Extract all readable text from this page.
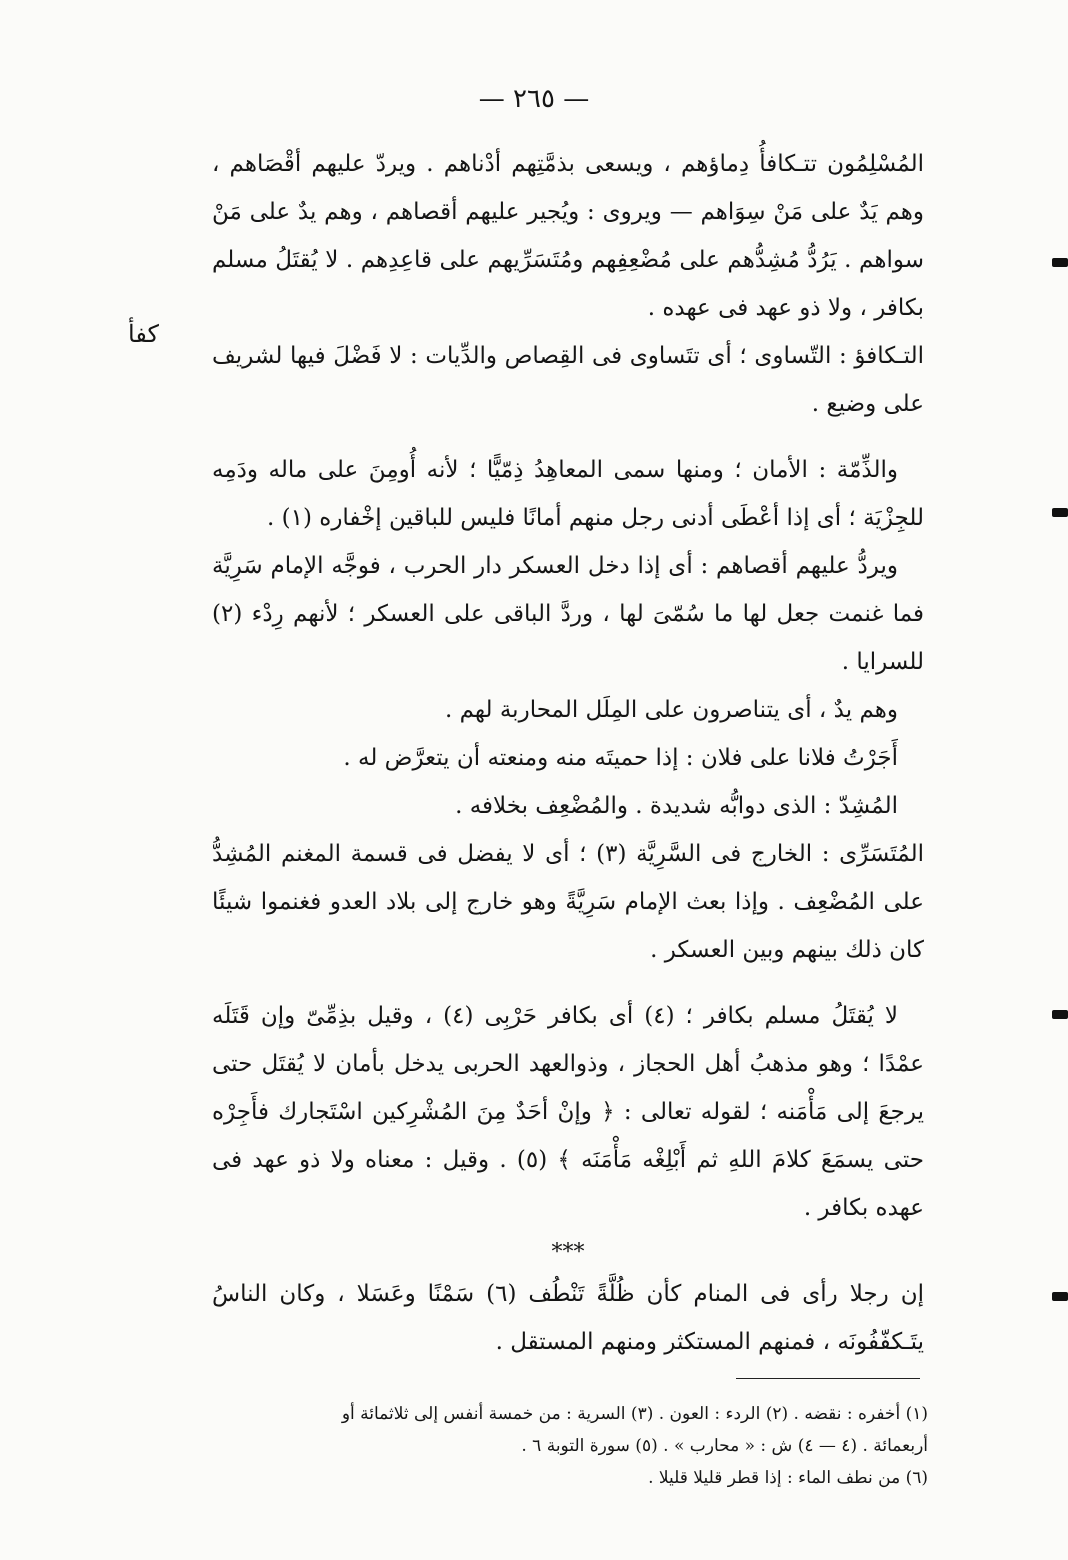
— ٢٦٥ —
كفأ

المُسْلِمُون تتـكافأُ دِماؤهم ، ويسعى بذمَّتِهم أدْناهم . ويردّ عليهم أقْصَاهم ، وهم يَدٌ على مَنْ سِوَاهم — ويروى : ويُجير عليهم أقصاهم ، وهم يدٌ على مَنْ سواهم . يَرُدُّ مُشِدُّهم على مُضْعِفِهم ومُتَسَرِّيهم على قاعِدِهم . لا يُقتَلُ مسلم بكافر ، ولا ذو عهد فى عهده .

التـكافؤ : التّساوى ؛ أى تتَساوى فى القِصاص والدِّيات : لا فَضْلَ فيها لشريف على وضيع .

والذِّمّة : الأمان ؛ ومنها سمى المعاهِدُ ذِمّيًّا ؛ لأنه أُومِنَ على ماله ودَمِه للجِزْيَة ؛ أى إذا أعْطَى أدنى رجل منهم أمانًا فليس للباقين إخْفاره (١) .

ويردُّ عليهم أقصاهم : أى إذا دخل العسكر دار الحرب ، فوجَّه الإمام سَرِيَّة فما غنمت جعل لها ما سُمّىَ لها ، وردَّ الباقى على العسكر ؛ لأنهم رِدْء (٢) للسرايا .

وهم يدٌ ، أى يتناصرون على المِلَل المحاربة لهم .

أَجَرْتُ فلانا على فلان : إذا حميتَه منه ومنعته أن يتعرَّض له .

المُشِدّ : الذى دوابُّه شديدة . والمُضْعِف بخلافه .

المُتَسَرِّى : الخارج فى السَّرِيَّة (٣) ؛ أى لا يفضل فى قسمة المغنم المُشِدُّ على المُضْعِف . وإذا بعث الإمام سَرِيَّةً وهو خارج إلى بلاد العدو فغنموا شيئًا كان ذلك بينهم وبين العسكر .

لا يُقتَلُ مسلم بكافر ؛ (٤) أى بكافر حَرْبِى (٤) ، وقيل بذِمِّىّ وإن قَتَلَه عمْدًا ؛ وهو مذهبُ أهل الحجاز ، وذوالعهد الحربى يدخل بأمان لا يُقتَل حتى يرجعَ إلى مَأْمَنه ؛ لقوله تعالى : ﴿ وإنْ أحَدٌ مِنَ المُشْرِكين اسْتَجارك فأَجِرْه حتى يسمَعَ كلامَ اللهِ ثم أَبْلِغْه مَأْمَنَه ﴾ (٥) . وقيل : معناه ولا ذو عهد فى عهده بكافر .

***

إن رجلا رأى فى المنام كأن ظُلَّةً تَنْطُف (٦) سَمْنًا وعَسَلا ، وكان الناسُ يتَـكفّفُونَه ، فمنهم المستكثر ومنهم المستقل .

(١) أخفره : نقضه . (٢) الردء : العون . (٣) السرية : من خمسة أنفس إلى ثلاثمائة أو
أربعمائة . (٤ — ٤) ش : « محارب » . (٥) سورة التوبة ٦ .
(٦) من نطف الماء : إذا قطر قليلا قليلا .
